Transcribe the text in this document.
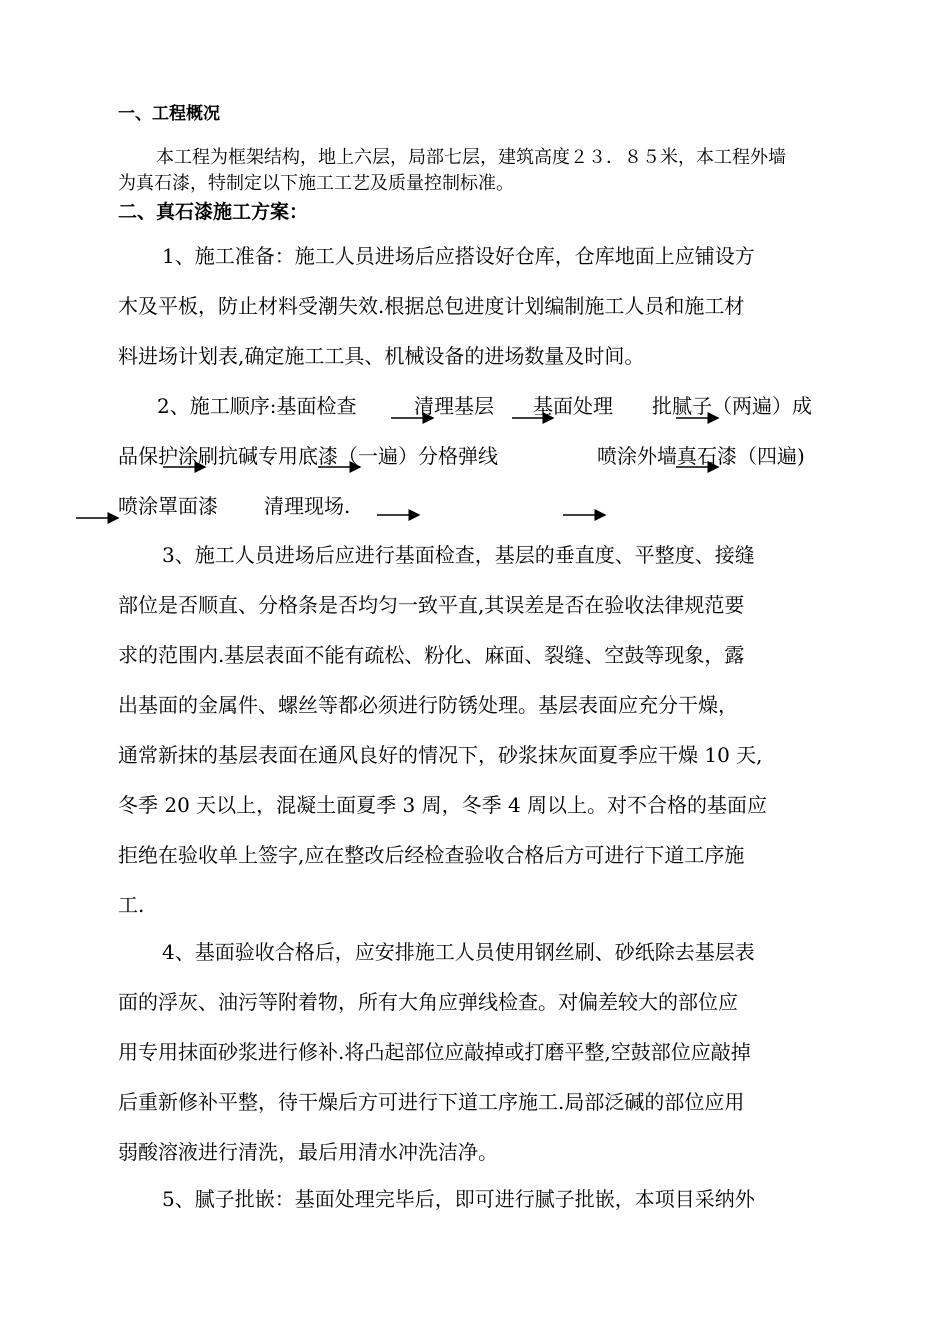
一、工程概况
本工程为框架结构，地上六层，局部七层，建筑高度２３．８５米，本工程外墙
为真石漆，特制定以下施工工艺及质量控制标准。
二、真石漆施工方案：
1、施工准备：施工人员进场后应搭设好仓库，仓库地面上应铺设方
木及平板，防止材料受潮失效.根据总包进度计划编制施工人员和施工材
料进场计划表,确定施工工具、机械设备的进场数量及时间。
2、施工顺序:基面检查	清理基层 基面处理 批腻子（两遍）成
品保护涂刷抗碱专用底漆（一遍）分格弹线	喷涂外墙真石漆（四遍)
喷涂罩面漆 清理现场.
3、施工人员进场后应进行基面检查，基层的垂直度、平整度、接缝
部位是否顺直、分格条是否均匀一致平直,其误差是否在验收法律规范要
求的范围内.基层表面不能有疏松、粉化、麻面、裂缝、空鼓等现象，露
出基面的金属件、螺丝等都必须进行防锈处理。基层表面应充分干燥，
通常新抹的基层表面在通风良好的情况下，砂浆抹灰面夏季应干燥 10 天,
冬季 20 天以上，混凝土面夏季 3 周，冬季 4 周以上。对不合格的基面应
拒绝在验收单上签字,应在整改后经检查验收合格后方可进行下道工序施
工.
4、基面验收合格后，应安排施工人员使用钢丝刷、砂纸除去基层表
面的浮灰、油污等附着物，所有大角应弹线检查。对偏差较大的部位应
用专用抹面砂浆进行修补.将凸起部位应敲掉或打磨平整,空鼓部位应敲掉
后重新修补平整，待干燥后方可进行下道工序施工.局部泛碱的部位应用
弱酸溶液进行清洗，最后用清水冲洗洁净。
5、腻子批嵌：基面处理完毕后，即可进行腻子批嵌，本项目采纳外
